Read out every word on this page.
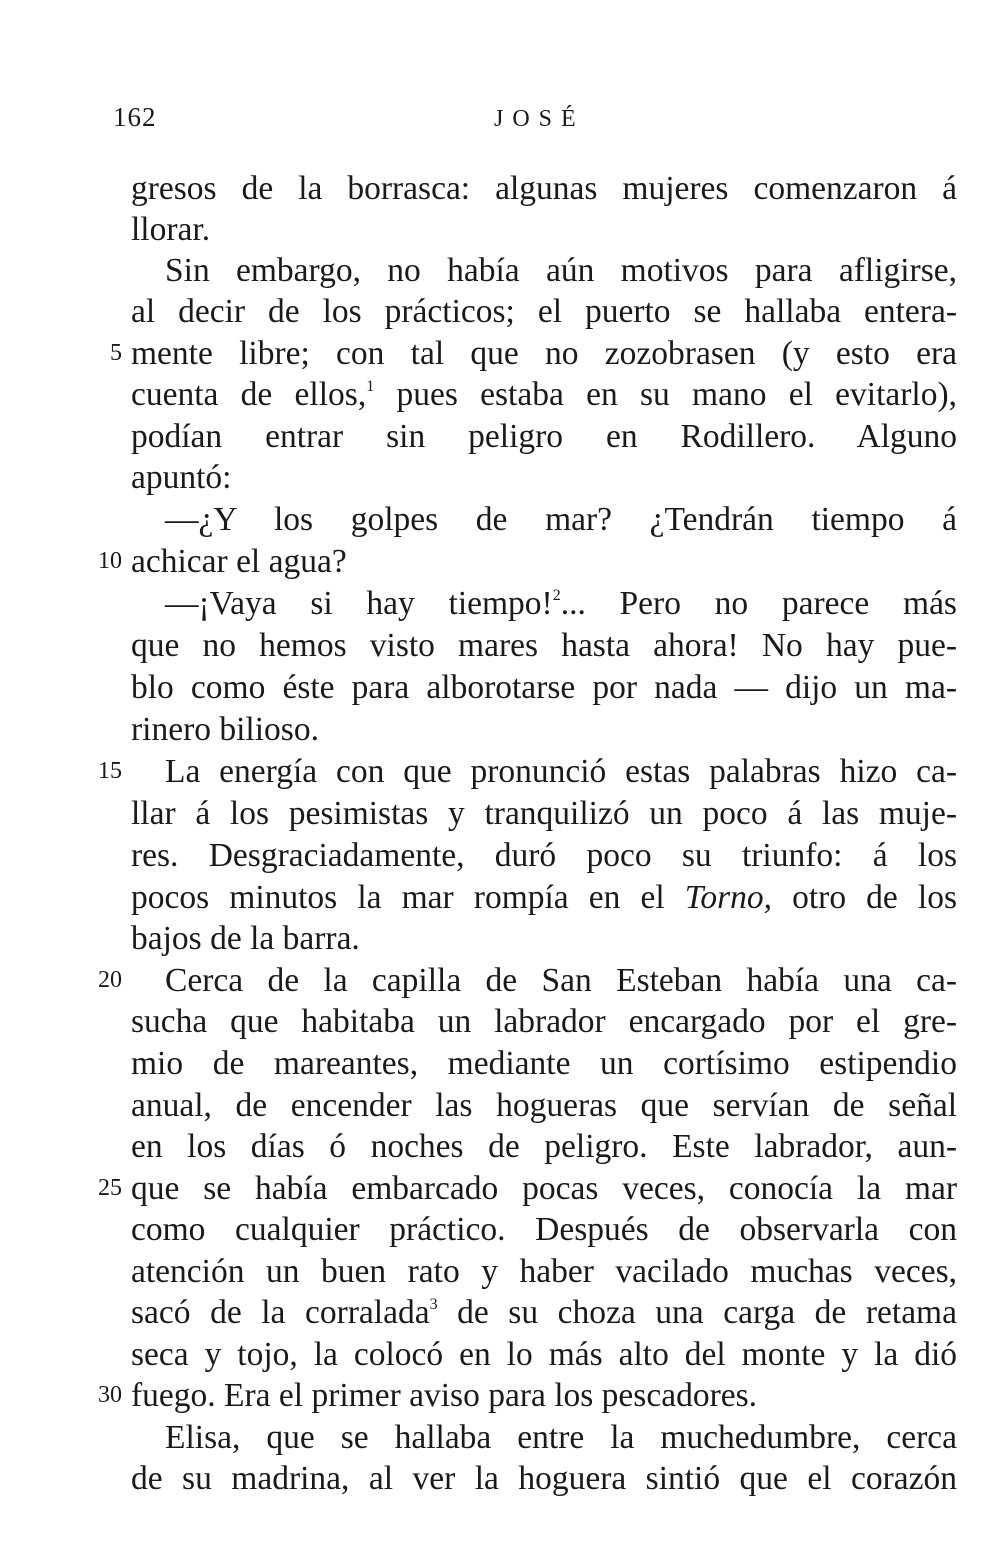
162	JOSÉ
gresos de la borrasca: algunas mujeres comenzaron á
llorar.
Sin embargo, no había aún motivos para afligirse,
al decir de los prácticos; el puerto se hallaba entera-
5 mente libre; con tal que no zozobrasen (y esto era
cuenta de ellos,$^1$ pues estaba en su mano el evitarlo),
podían entrar sin peligro en Rodillero. Alguno
apuntó:
—¿Y los golpes de mar? ¿Tendrán tiempo á
10 achicar el agua?
—¡Vaya si hay tiempo!$^2$... Pero no parece más
que no hemos visto mares hasta ahora! No hay pue-
blo como éste para alborotarse por nada — dijo un ma-
rinero bilioso.
15 La energía con que pronunció estas palabras hizo ca-
llar á los pesimistas y tranquilizó un poco á las muje-
res. Desgraciadamente, duró poco su triunfo: á los
pocos minutos la mar rompía en el Torno, otro de los
bajos de la barra.
20 Cerca de la capilla de San Esteban había una ca-
sucha que habitaba un labrador encargado por el gre-
mio de mareantes, mediante un cortísimo estipendio
anual, de encender las hogueras que servían de señal
en los días ó noches de peligro. Este labrador, aun-
25 que se había embarcado pocas veces, conocía la mar
como cualquier práctico. Después de observarla con
atención un buen rato y haber vacilado muchas veces,
sacó de la corralada$^3$ de su choza una carga de retama
seca y tojo, la colocó en lo más alto del monte y la dió
30 fuego. Era el primer aviso para los pescadores.
Elisa, que se hallaba entre la muchedumbre, cerca
de su madrina, al ver la hoguera sintió que el corazón
